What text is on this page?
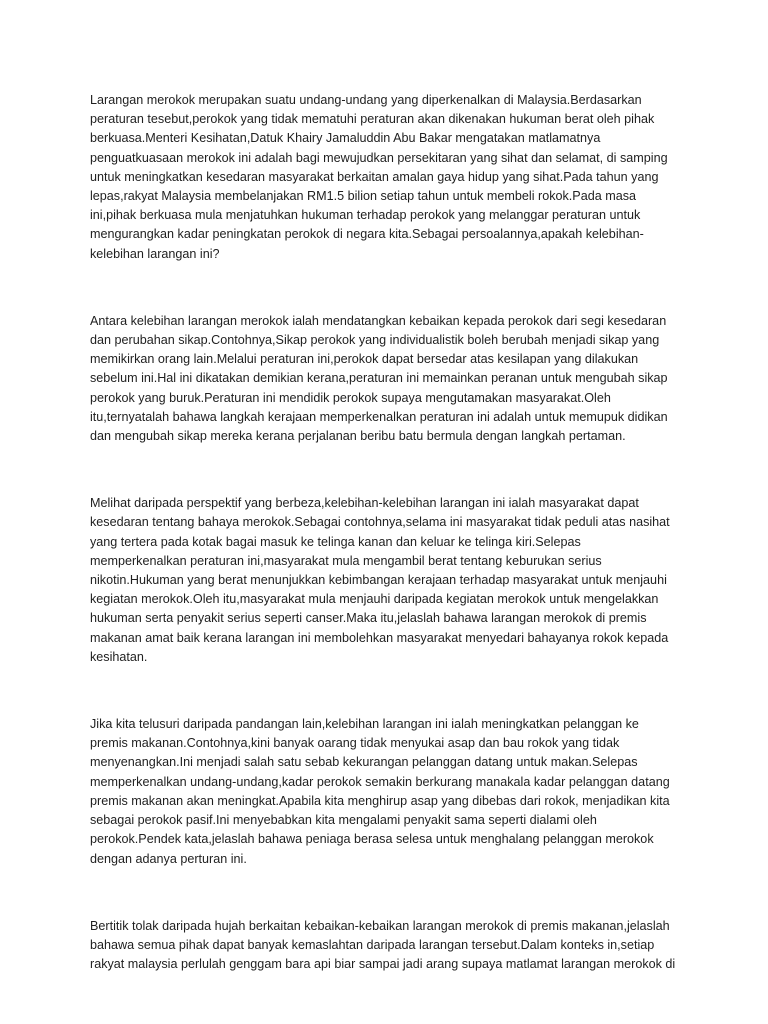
Larangan merokok merupakan suatu undang-undang yang diperkenalkan di Malaysia.Berdasarkan
peraturan tesebut,perokok yang tidak mematuhi peraturan akan dikenakan hukuman berat oleh pihak
berkuasa.Menteri Kesihatan,Datuk Khairy Jamaluddin Abu Bakar mengatakan matlamatnya
penguatkuasaan merokok ini adalah bagi mewujudkan persekitaran yang sihat dan selamat, di samping
untuk meningkatkan kesedaran masyarakat berkaitan amalan gaya hidup yang sihat.Pada tahun yang
lepas,rakyat Malaysia membelanjakan RM1.5 bilion setiap tahun untuk membeli rokok.Pada masa
ini,pihak berkuasa mula menjatuhkan hukuman terhadap perokok yang melanggar peraturan untuk
mengurangkan kadar peningkatan perokok di negara kita.Sebagai persoalannya,apakah kelebihan-
kelebihan larangan ini?
Antara kelebihan larangan merokok ialah mendatangkan kebaikan kepada perokok dari segi kesedaran
dan perubahan sikap.Contohnya,Sikap perokok yang individualistik boleh berubah menjadi sikap yang
memikirkan orang lain.Melalui peraturan ini,perokok dapat bersedar atas kesilapan yang dilakukan
sebelum ini.Hal ini dikatakan demikian kerana,peraturan ini memainkan peranan untuk mengubah sikap
perokok yang buruk.Peraturan ini mendidik perokok supaya mengutamakan masyarakat.Oleh
itu,ternyatalah bahawa langkah kerajaan memperkenalkan peraturan ini adalah untuk memupuk didikan
dan mengubah sikap mereka kerana perjalanan beribu batu bermula dengan langkah pertaman.
Melihat daripada perspektif yang berbeza,kelebihan-kelebihan larangan ini ialah masyarakat dapat
kesedaran tentang bahaya merokok.Sebagai contohnya,selama ini masyarakat tidak peduli atas nasihat
yang tertera pada kotak bagai masuk ke telinga kanan dan keluar ke telinga kiri.Selepas
memperkenalkan peraturan ini,masyarakat mula mengambil berat tentang keburukan serius
nikotin.Hukuman yang berat menunjukkan kebimbangan kerajaan terhadap masyarakat untuk menjauhi
kegiatan merokok.Oleh itu,masyarakat mula menjauhi daripada kegiatan merokok untuk mengelakkan
hukuman serta penyakit serius seperti canser.Maka itu,jelaslah bahawa larangan merokok di premis
makanan amat baik kerana larangan ini membolehkan masyarakat menyedari bahayanya rokok kepada
kesihatan.
Jika kita telusuri daripada pandangan lain,kelebihan larangan ini ialah meningkatkan pelanggan ke
premis makanan.Contohnya,kini banyak oarang tidak menyukai asap dan bau rokok yang tidak
menyenangkan.Ini menjadi salah satu sebab kekurangan pelanggan datang untuk makan.Selepas
memperkenalkan undang-undang,kadar perokok semakin berkurang manakala kadar pelanggan datang
premis makanan akan meningkat.Apabila kita menghirup asap yang dibebas dari rokok, menjadikan kita
sebagai perokok pasif.Ini menyebabkan kita mengalami penyakit sama seperti dialami oleh
perokok.Pendek kata,jelaslah bahawa peniaga berasa selesa untuk menghalang pelanggan merokok
dengan adanya perturan ini.
Bertitik tolak daripada hujah berkaitan kebaikan-kebaikan larangan merokok di premis makanan,jelaslah
bahawa semua pihak dapat banyak kemaslahtan daripada larangan tersebut.Dalam konteks in,setiap
rakyat malaysia perlulah genggam bara api biar sampai jadi arang supaya matlamat larangan merokok di
